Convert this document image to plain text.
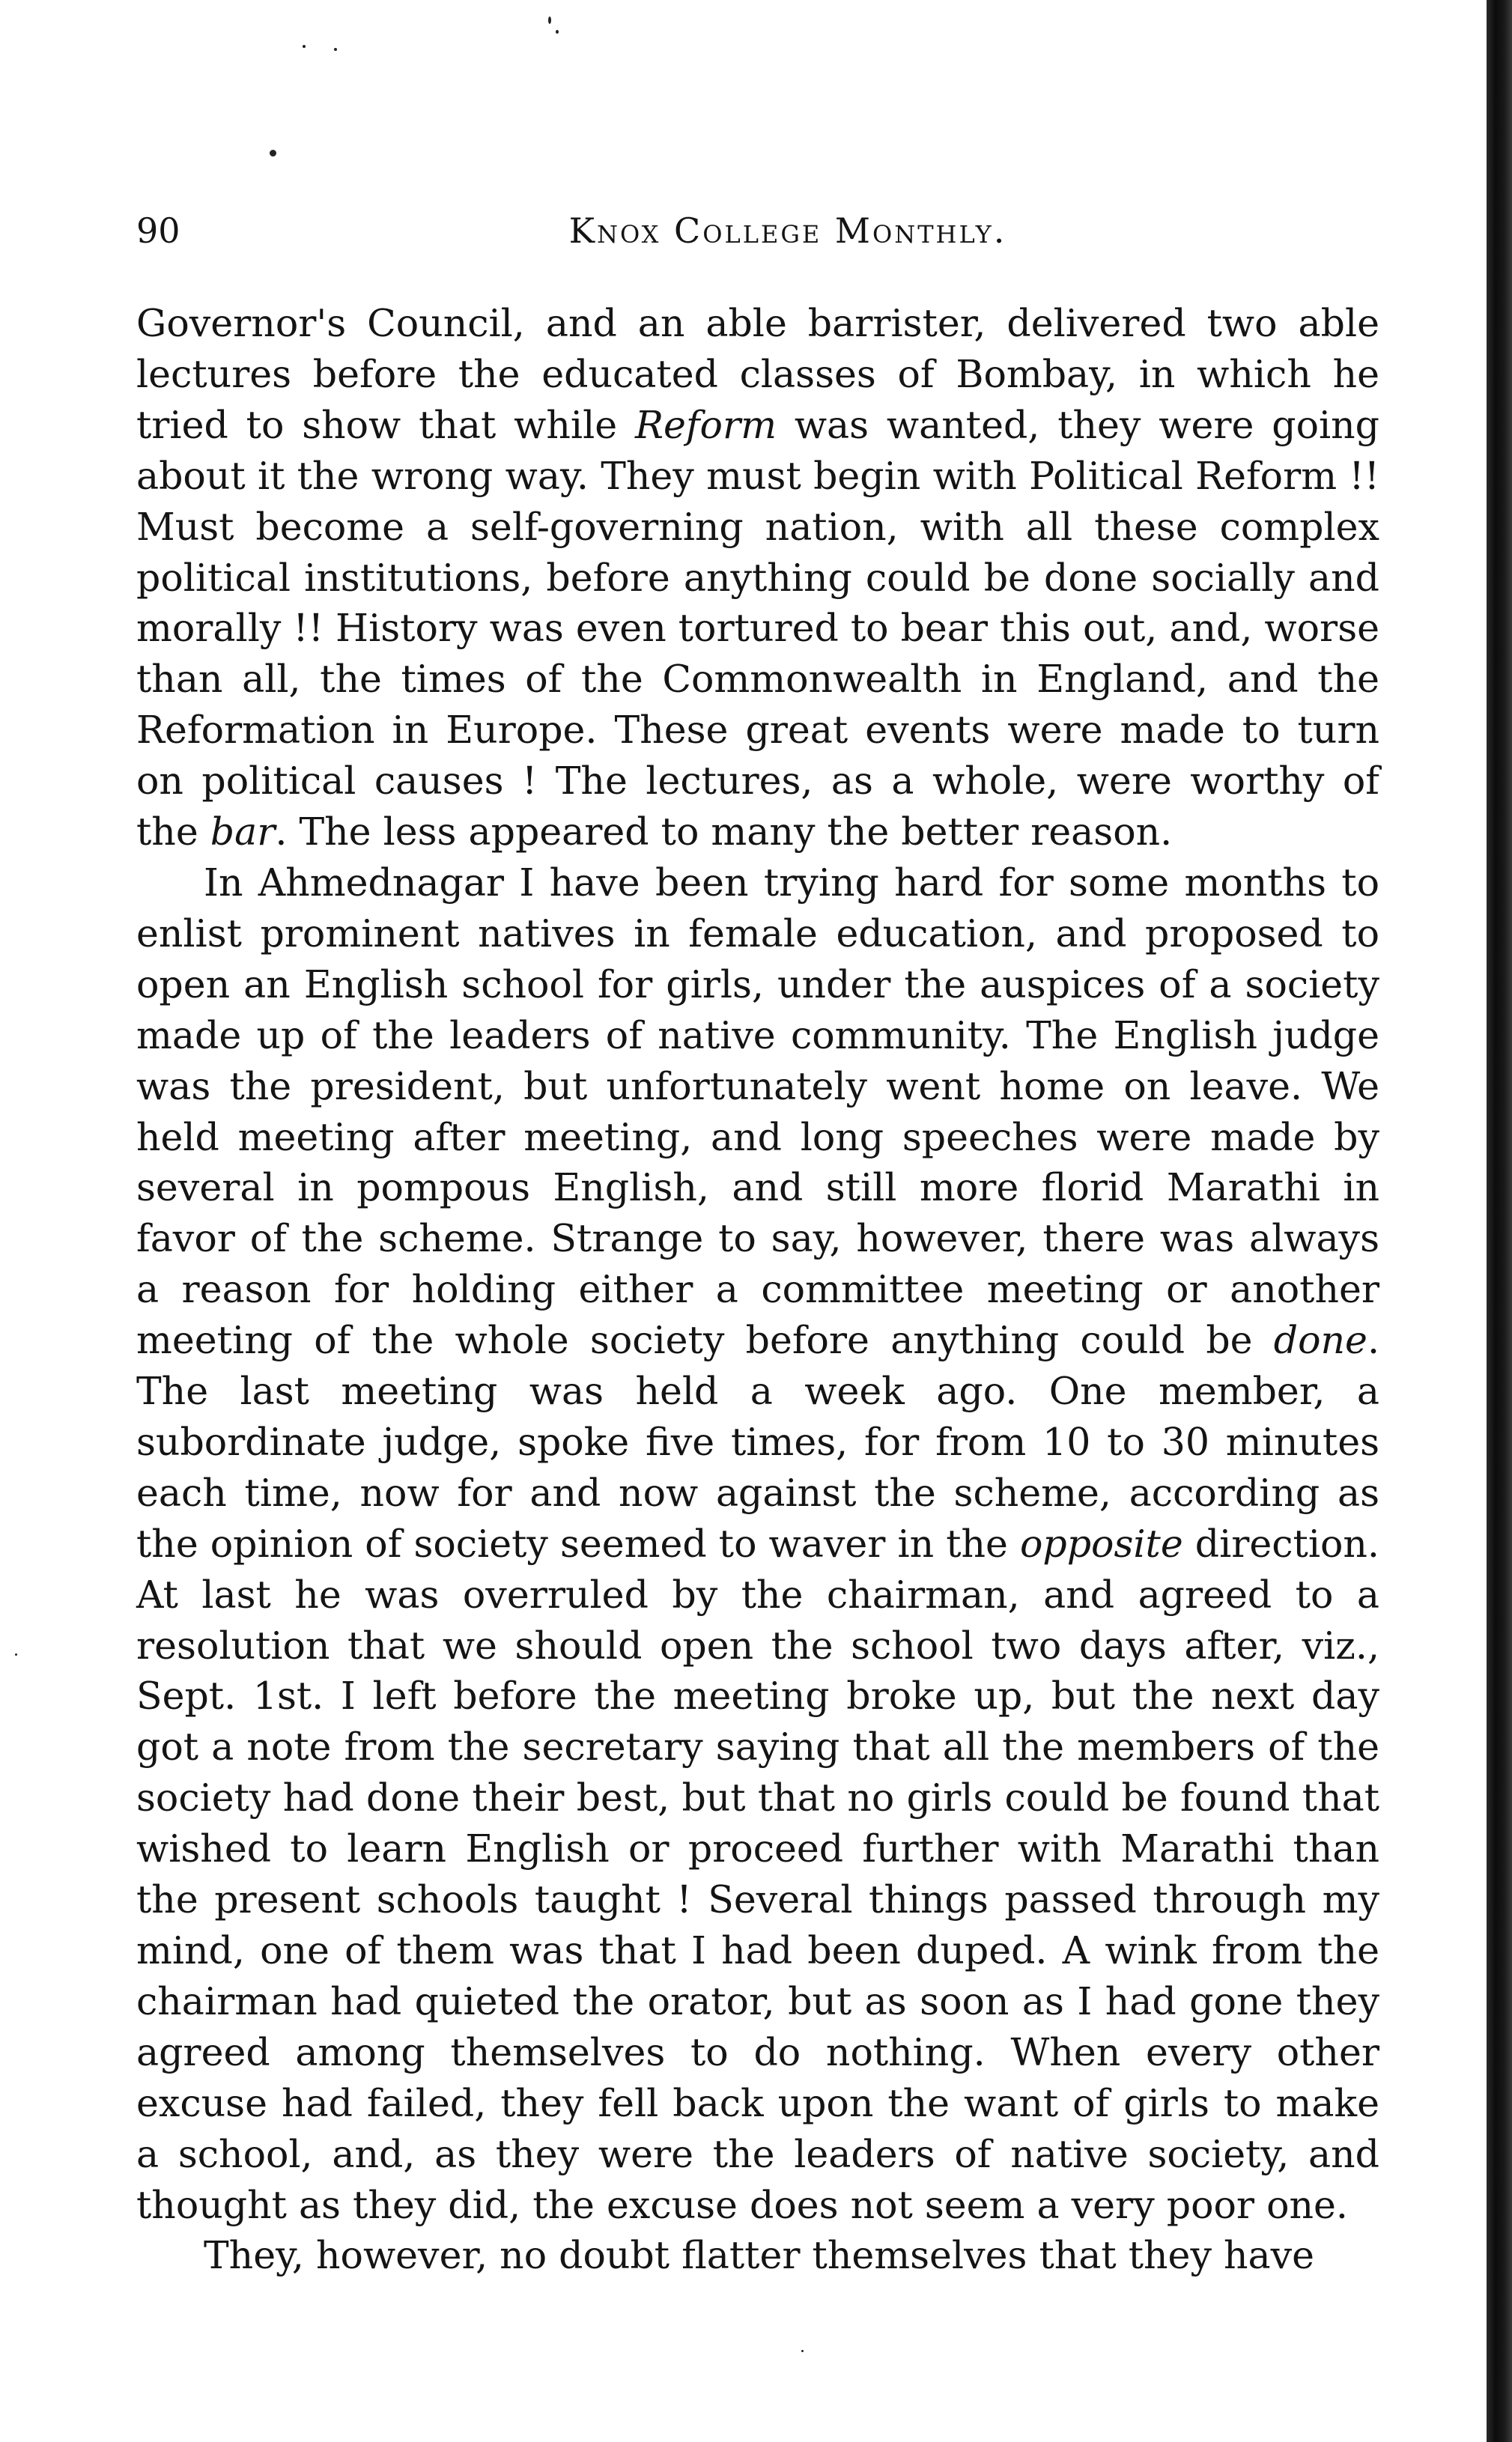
90	Knox College Monthly.

Governor's Council, and an able barrister, delivered two able lectures before the educated classes of Bombay, in which he tried to show that while Reform was wanted, they were going about it the wrong way. They must begin with Political Reform !! Must become a self-governing nation, with all these complex political institutions, before anything could be done socially and morally !! History was even tortured to bear this out, and, worse than all, the times of the Commonwealth in England, and the Reformation in Europe. These great events were made to turn on political causes ! The lectures, as a whole, were worthy of the bar. The less appeared to many the better reason.

In Ahmednagar I have been trying hard for some months to enlist prominent natives in female education, and proposed to open an English school for girls, under the auspices of a society made up of the leaders of native community. The English judge was the president, but unfortunately went home on leave. We held meeting after meeting, and long speeches were made by several in pompous English, and still more florid Marathi in favor of the scheme. Strange to say, however, there was always a reason for holding either a committee meeting or another meeting of the whole society before anything could be done. The last meeting was held a week ago. One member, a subordinate judge, spoke five times, for from 10 to 30 minutes each time, now for and now against the scheme, according as the opinion of society seemed to waver in the opposite direction. At last he was overruled by the chairman, and agreed to a resolution that we should open the school two days after, viz., Sept. 1st. I left before the meeting broke up, but the next day got a note from the secretary saying that all the members of the society had done their best, but that no girls could be found that wished to learn English or proceed further with Marathi than the present schools taught ! Several things passed through my mind, one of them was that I had been duped. A wink from the chairman had quieted the orator, but as soon as I had gone they agreed among themselves to do nothing. When every other excuse had failed, they fell back upon the want of girls to make a school, and, as they were the leaders of native society, and thought as they did, the excuse does not seem a very poor one.

They, however, no doubt flatter themselves that they have
